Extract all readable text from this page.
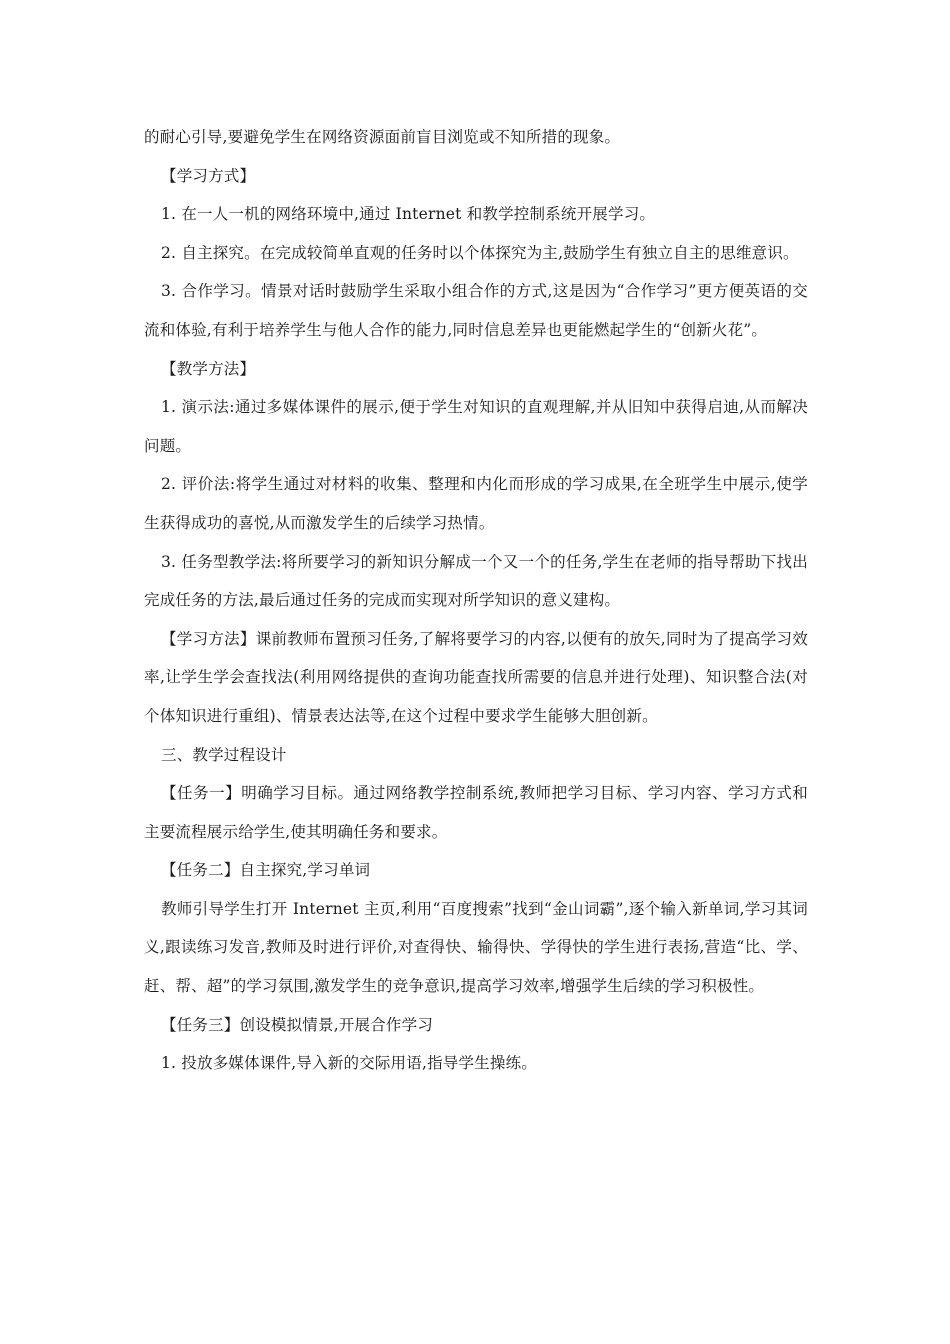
的耐心引导,要避免学生在网络资源面前盲目浏览或不知所措的现象。

【学习方式】

1. 在一人一机的网络环境中,通过 Internet 和教学控制系统开展学习。

2. 自主探究。在完成较简单直观的任务时以个体探究为主,鼓励学生有独立自主的思维意识。

3. 合作学习。情景对话时鼓励学生采取小组合作的方式,这是因为“合作学习”更方便英语的交流和体验,有利于培养学生与他人合作的能力,同时信息差异也更能燃起学生的“创新火花”。

【教学方法】

1. 演示法:通过多媒体课件的展示,便于学生对知识的直观理解,并从旧知中获得启迪,从而解决问题。

2. 评价法:将学生通过对材料的收集、整理和内化而形成的学习成果,在全班学生中展示,使学生获得成功的喜悦,从而激发学生的后续学习热情。

3. 任务型教学法:将所要学习的新知识分解成一个又一个的任务,学生在老师的指导帮助下找出完成任务的方法,最后通过任务的完成而实现对所学知识的意义建构。

【学习方法】课前教师布置预习任务,了解将要学习的内容,以便有的放矢,同时为了提高学习效率,让学生学会查找法(利用网络提供的查询功能查找所需要的信息并进行处理)、知识整合法(对个体知识进行重组)、情景表达法等,在这个过程中要求学生能够大胆创新。

三、教学过程设计

【任务一】明确学习目标。通过网络教学控制系统,教师把学习目标、学习内容、学习方式和主要流程展示给学生,使其明确任务和要求。

【任务二】自主探究,学习单词

教师引导学生打开 Internet 主页,利用“百度搜索”找到“金山词霸”,逐个输入新单词,学习其词义,跟读练习发音,教师及时进行评价,对查得快、输得快、学得快的学生进行表扬,营造“比、学、赶、帮、超”的学习氛围,激发学生的竞争意识,提高学习效率,增强学生后续的学习积极性。

【任务三】创设模拟情景,开展合作学习

1. 投放多媒体课件,导入新的交际用语,指导学生操练。
